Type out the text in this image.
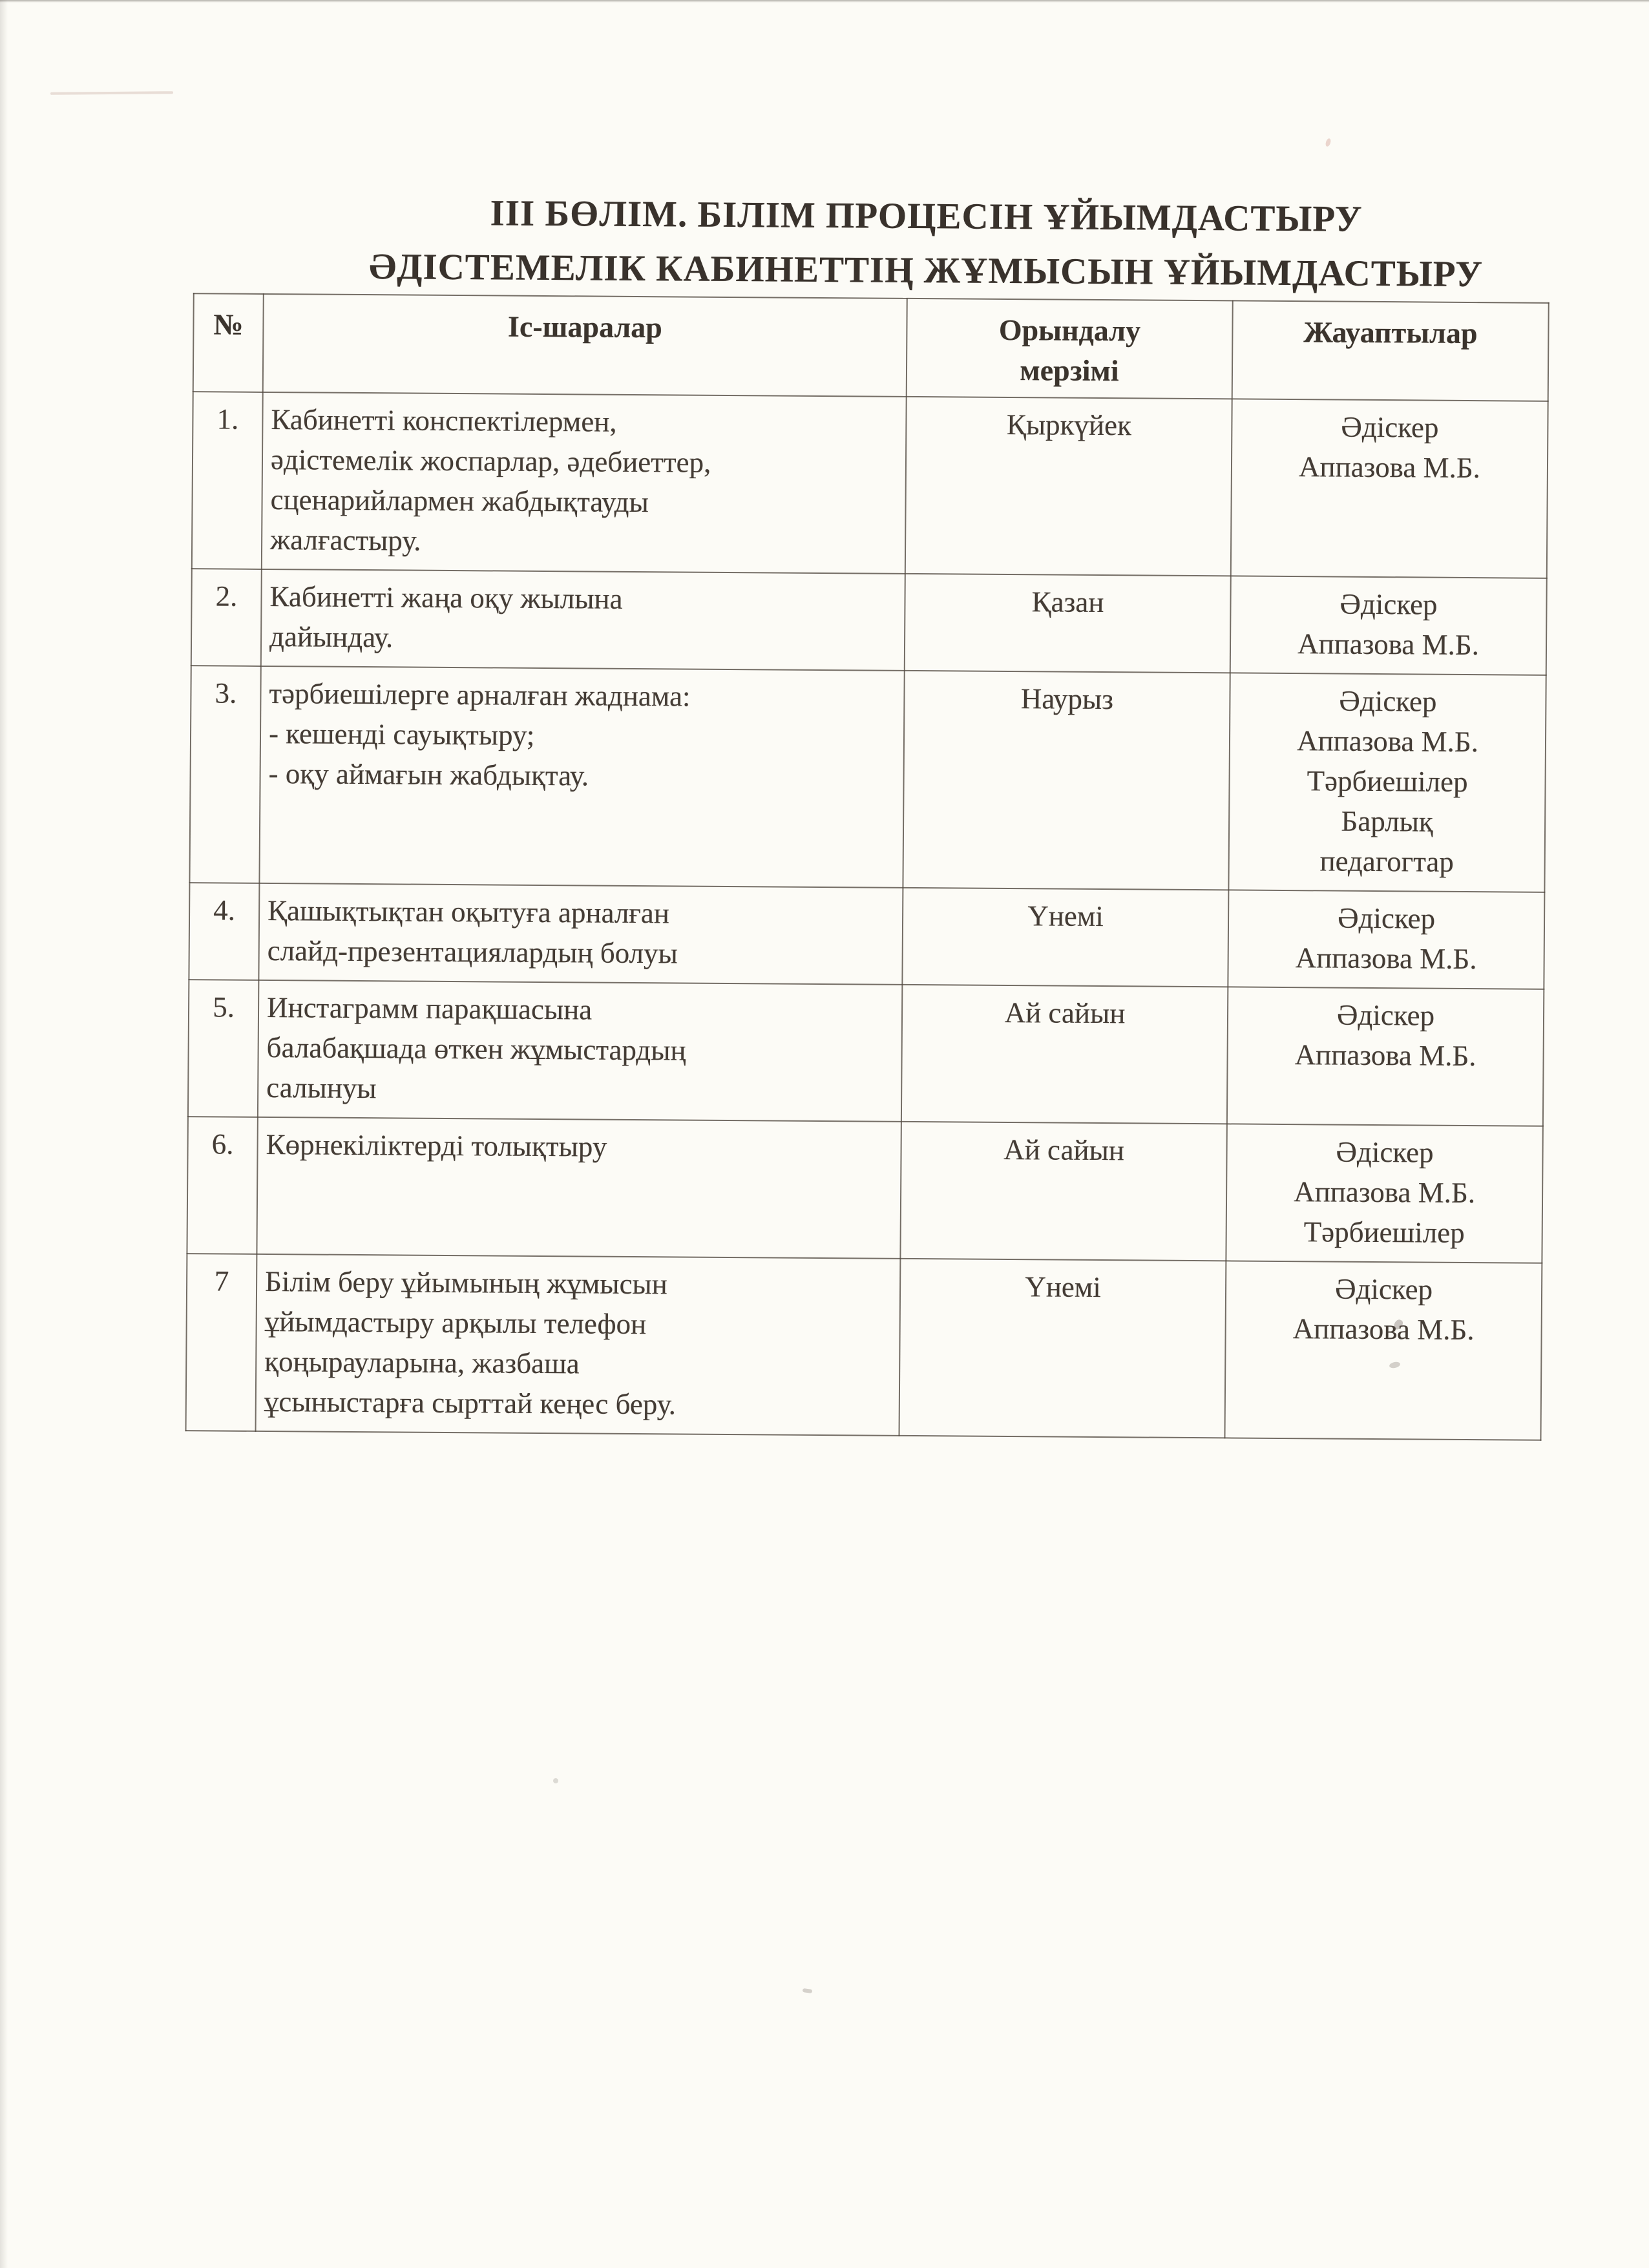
III БӨЛІМ. БІЛІМ ПРОЦЕСІН ҰЙЫМДАСТЫРУ
ӘДІСТЕМЕЛІК КАБИНЕТТІҢ ЖҰМЫСЫН ҰЙЫМДАСТЫРУ
№	Іс-шаралар	Орындалу мерзімі	Жауаптылар
1.	Кабинетті конспектілермен,
әдістемелік жоспарлар, әдебиеттер,
сценарийлармен жабдықтауды
жалғастыру.
	Қыркүйек	Әдіскер
Аппазова М.Б.

2.	Кабинетті жаңа оқу жылына
дайындау.
	Қазан	Әдіскер
Аппазова М.Б.

3.	тәрбиешілерге арналған жаднама:
- кешенді сауықтыру;
- оқу аймағын жабдықтау.
	Наурыз	Әдіскер
Аппазова М.Б.
Тәрбиешілер
Барлық
педагогтар

4.	Қашықтықтан оқытуға арналған
слайд-презентациялардың болуы
	Үнемі	Әдіскер
Аппазова М.Б.

5.	Инстаграмм парақшасына
балабақшада өткен жұмыстардың
салынуы
	Ай сайын	Әдіскер
Аппазова М.Б.

6.	Көрнекіліктерді толықтыру	Ай сайын	Әдіскер
Аппазова М.Б.
Тәрбиешілер

7	Білім беру ұйымының жұмысын
ұйымдастыру арқылы телефон
қоңырауларына, жазбаша
ұсыныстарға сырттай кеңес беру.
	Үнемі	Әдіскер
Аппазова М.Б.
